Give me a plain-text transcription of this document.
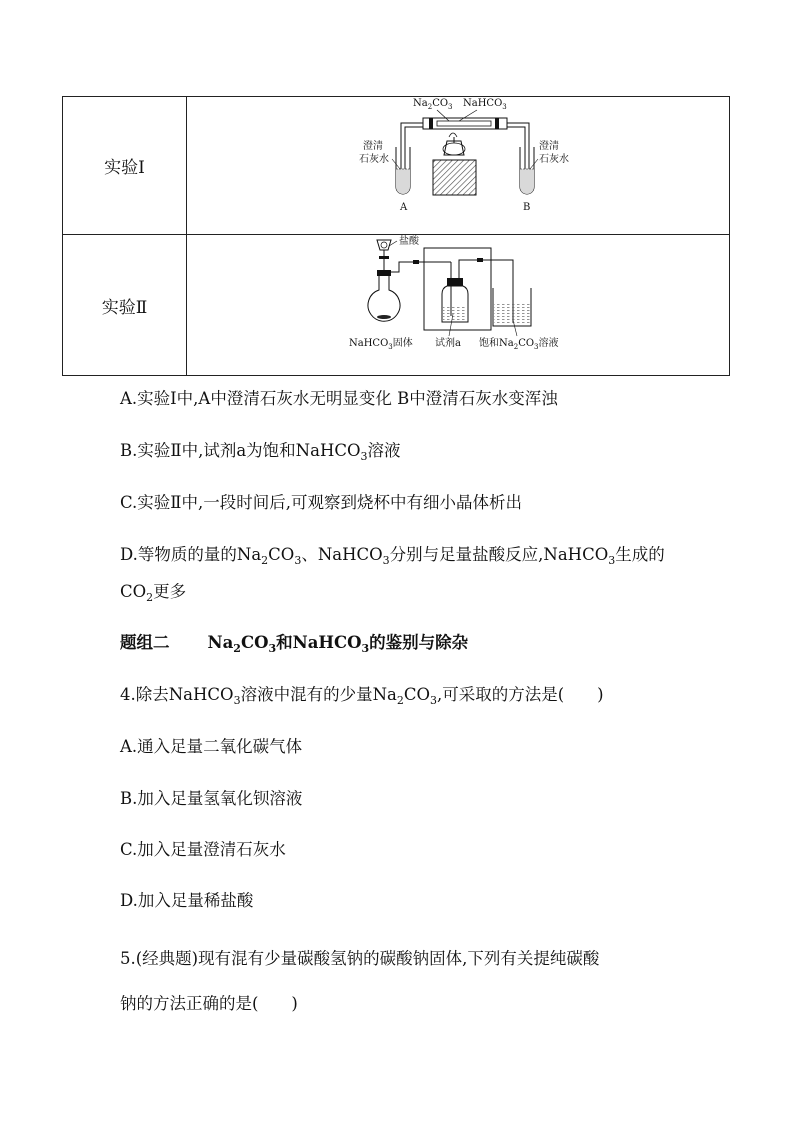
实验Ⅰ
$Na_2CO_3$ NaHCO$_3$
澄清
石灰水
澄清
石灰水
A	B
实验Ⅱ
盐酸
NaHCO$_3$固体 试剂a 饱和$Na_2CO_3$溶液
A.实验Ⅰ中,A中澄清石灰水无明显变化 B中澄清石灰水变浑浊
B.实验Ⅱ中,试剂a为饱和NaHCO$_3$溶液
C.实验Ⅱ中,一段时间后,可观察到烧杯中有细小晶体析出
D.等物质的量的$Na_2CO_3$、NaHCO$_3$分别与足量盐酸反应,NaHCO$_3$生成的
$CO_2$更多
题组二 $Na_2CO_3$和NaHCO$_3$的鉴别与除杂
4.除去NaHCO$_3$溶液中混有的少量$Na_2CO_3$,可采取的方法是(　　)
A.通入足量二氧化碳气体
B.加入足量氢氧化钡溶液
C.加入足量澄清石灰水
D.加入足量稀盐酸
5.(经典题)现有混有少量碳酸氢钠的碳酸钠固体,下列有关提纯碳酸
钠的方法正确的是(　　)
